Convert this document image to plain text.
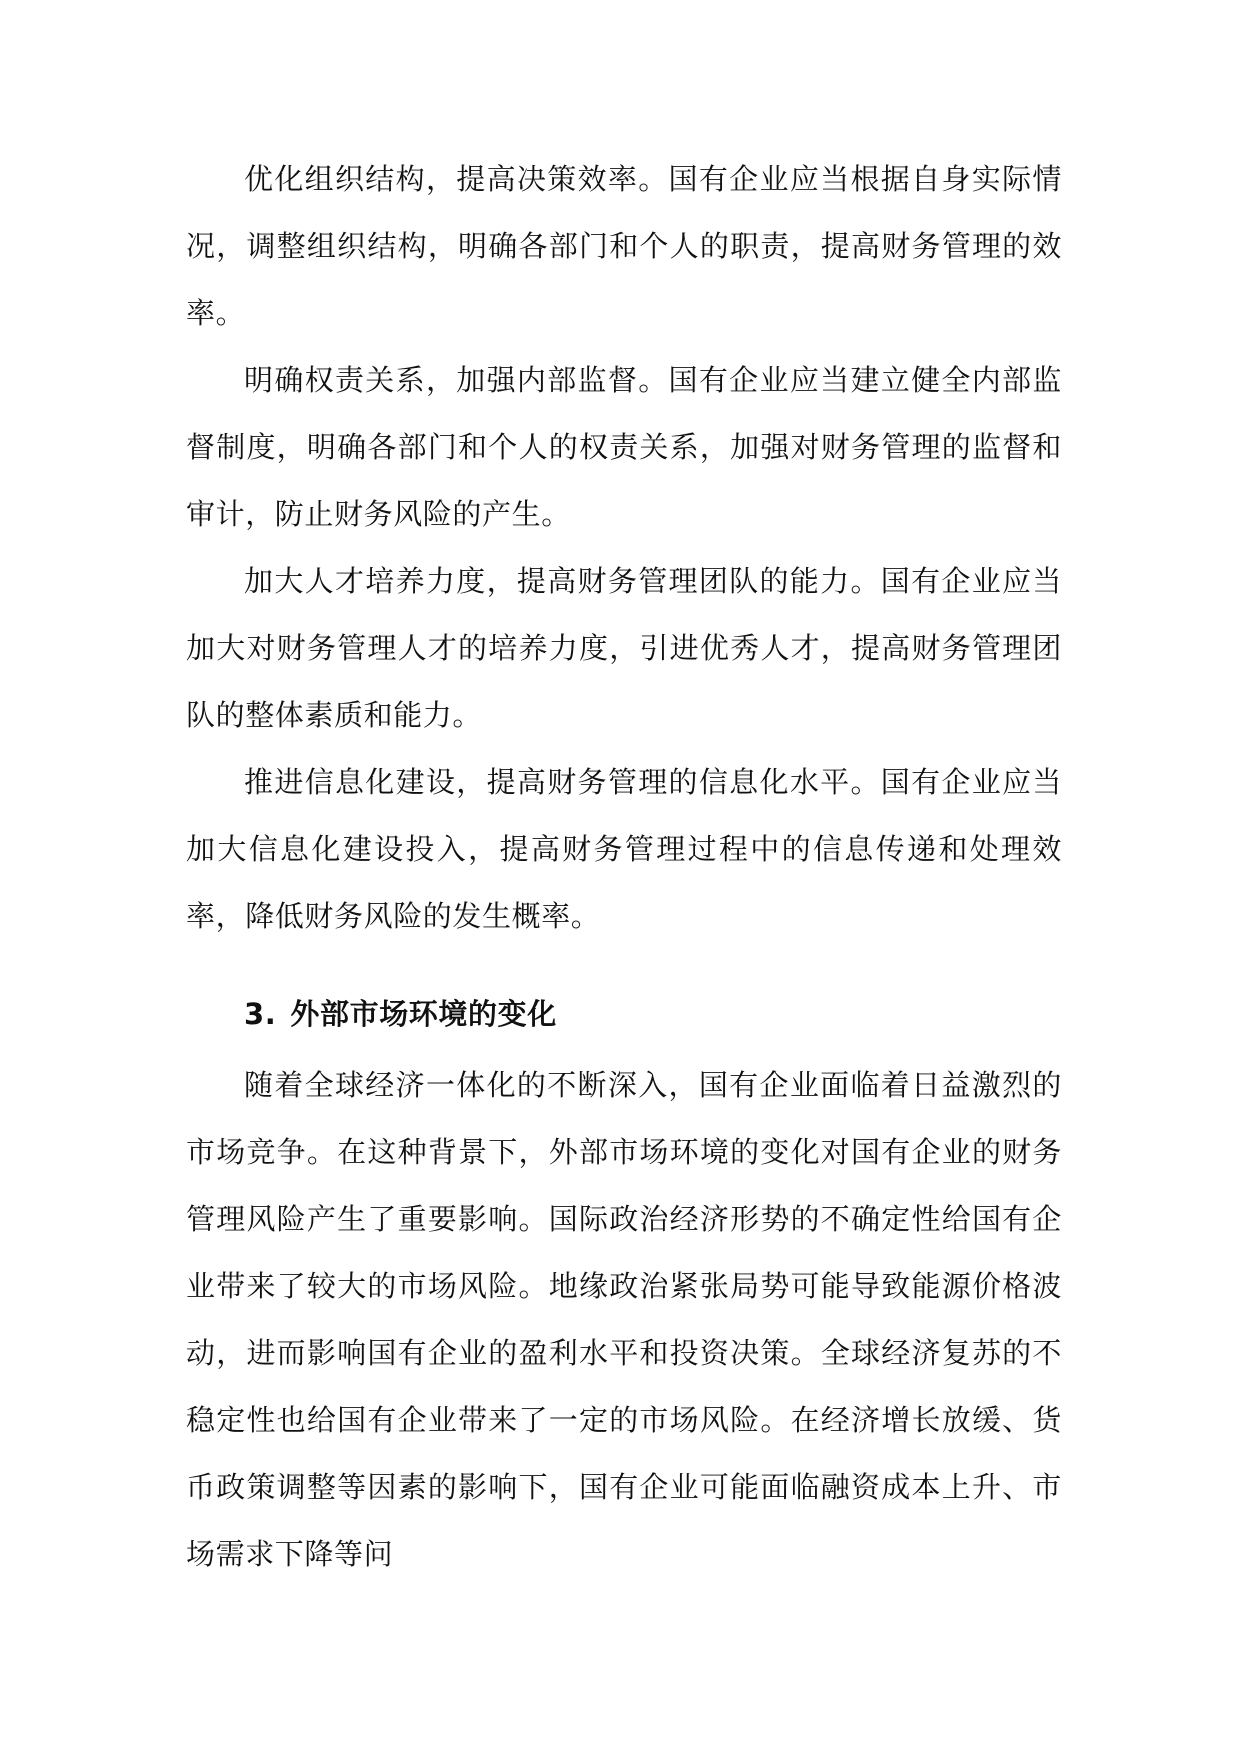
优化组织结构，提高决策效率。国有企业应当根据自身实际情况，调整组织结构，明确各部门和个人的职责，提高财务管理的效率。

明确权责关系，加强内部监督。国有企业应当建立健全内部监督制度，明确各部门和个人的权责关系，加强对财务管理的监督和审计，防止财务风险的产生。

加大人才培养力度，提高财务管理团队的能力。国有企业应当加大对财务管理人才的培养力度，引进优秀人才，提高财务管理团队的整体素质和能力。

推进信息化建设，提高财务管理的信息化水平。国有企业应当加大信息化建设投入，提高财务管理过程中的信息传递和处理效率，降低财务风险的发生概率。

3. 外部市场环境的变化

随着全球经济一体化的不断深入，国有企业面临着日益激烈的市场竞争。在这种背景下，外部市场环境的变化对国有企业的财务管理风险产生了重要影响。国际政治经济形势的不确定性给国有企业带来了较大的市场风险。地缘政治紧张局势可能导致能源价格波动，进而影响国有企业的盈利水平和投资决策。全球经济复苏的不稳定性也给国有企业带来了一定的市场风险。在经济增长放缓、货币政策调整等因素的影响下，国有企业可能面临融资成本上升、市场需求下降等问
